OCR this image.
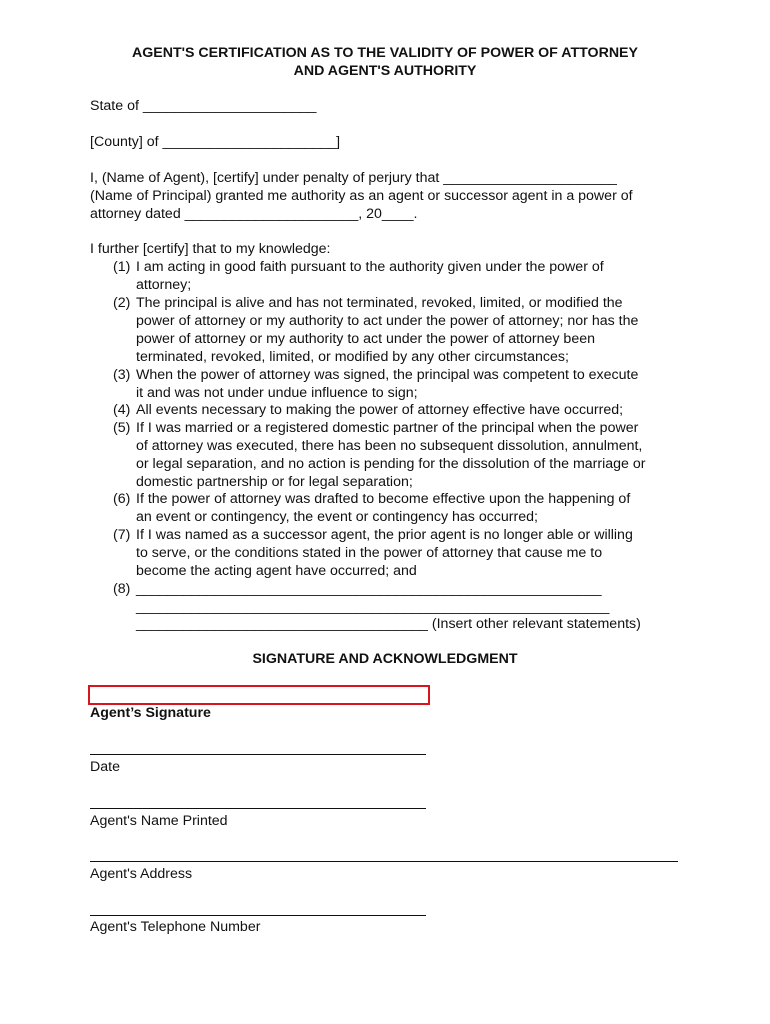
AGENT'S CERTIFICATION AS TO THE VALIDITY OF POWER OF ATTORNEY
AND AGENT'S AUTHORITY
State of ______________________
[County] of ______________________]
I, (Name of Agent), [certify] under penalty of perjury that ______________________
(Name of Principal) granted me authority as an agent or successor agent in a power of
attorney dated ______________________, 20____.
I further [certify] that to my knowledge:
(1) I am acting in good faith pursuant to the authority given under the power of
attorney;
(2) The principal is alive and has not terminated, revoked, limited, or modified the
power of attorney or my authority to act under the power of attorney; nor has the
power of attorney or my authority to act under the power of attorney been
terminated, revoked, limited, or modified by any other circumstances;
(3) When the power of attorney was signed, the principal was competent to execute
it and was not under undue influence to sign;
(4) All events necessary to making the power of attorney effective have occurred;
(5) If I was married or a registered domestic partner of the principal when the power
of attorney was executed, there has been no subsequent dissolution, annulment,
or legal separation, and no action is pending for the dissolution of the marriage or
domestic partnership or for legal separation;
(6) If the power of attorney was drafted to become effective upon the happening of
an event or contingency, the event or contingency has occurred;
(7) If I was named as a successor agent, the prior agent is no longer able or willing
to serve, or the conditions stated in the power of attorney that cause me to
become the acting agent have occurred; and
(8) ___________________________________________________________
____________________________________________________________
_____________________________________ (Insert other relevant statements)
SIGNATURE AND ACKNOWLEDGMENT
Agent’s Signature
Date
Agent's Name Printed
Agent's Address
Agent's Telephone Number
